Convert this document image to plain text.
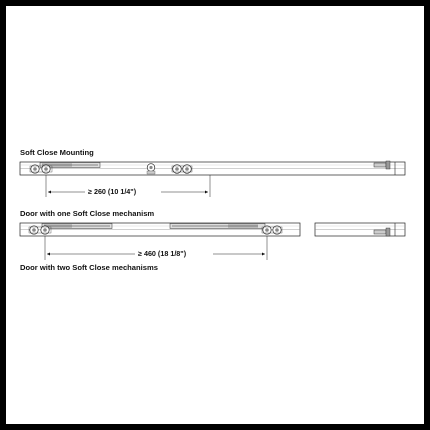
Soft Close Mounting
≥ 260 (10 1/4")
Door with one Soft Close mechanism
≥ 460 (18 1/8")
Door with two Soft Close mechanisms
